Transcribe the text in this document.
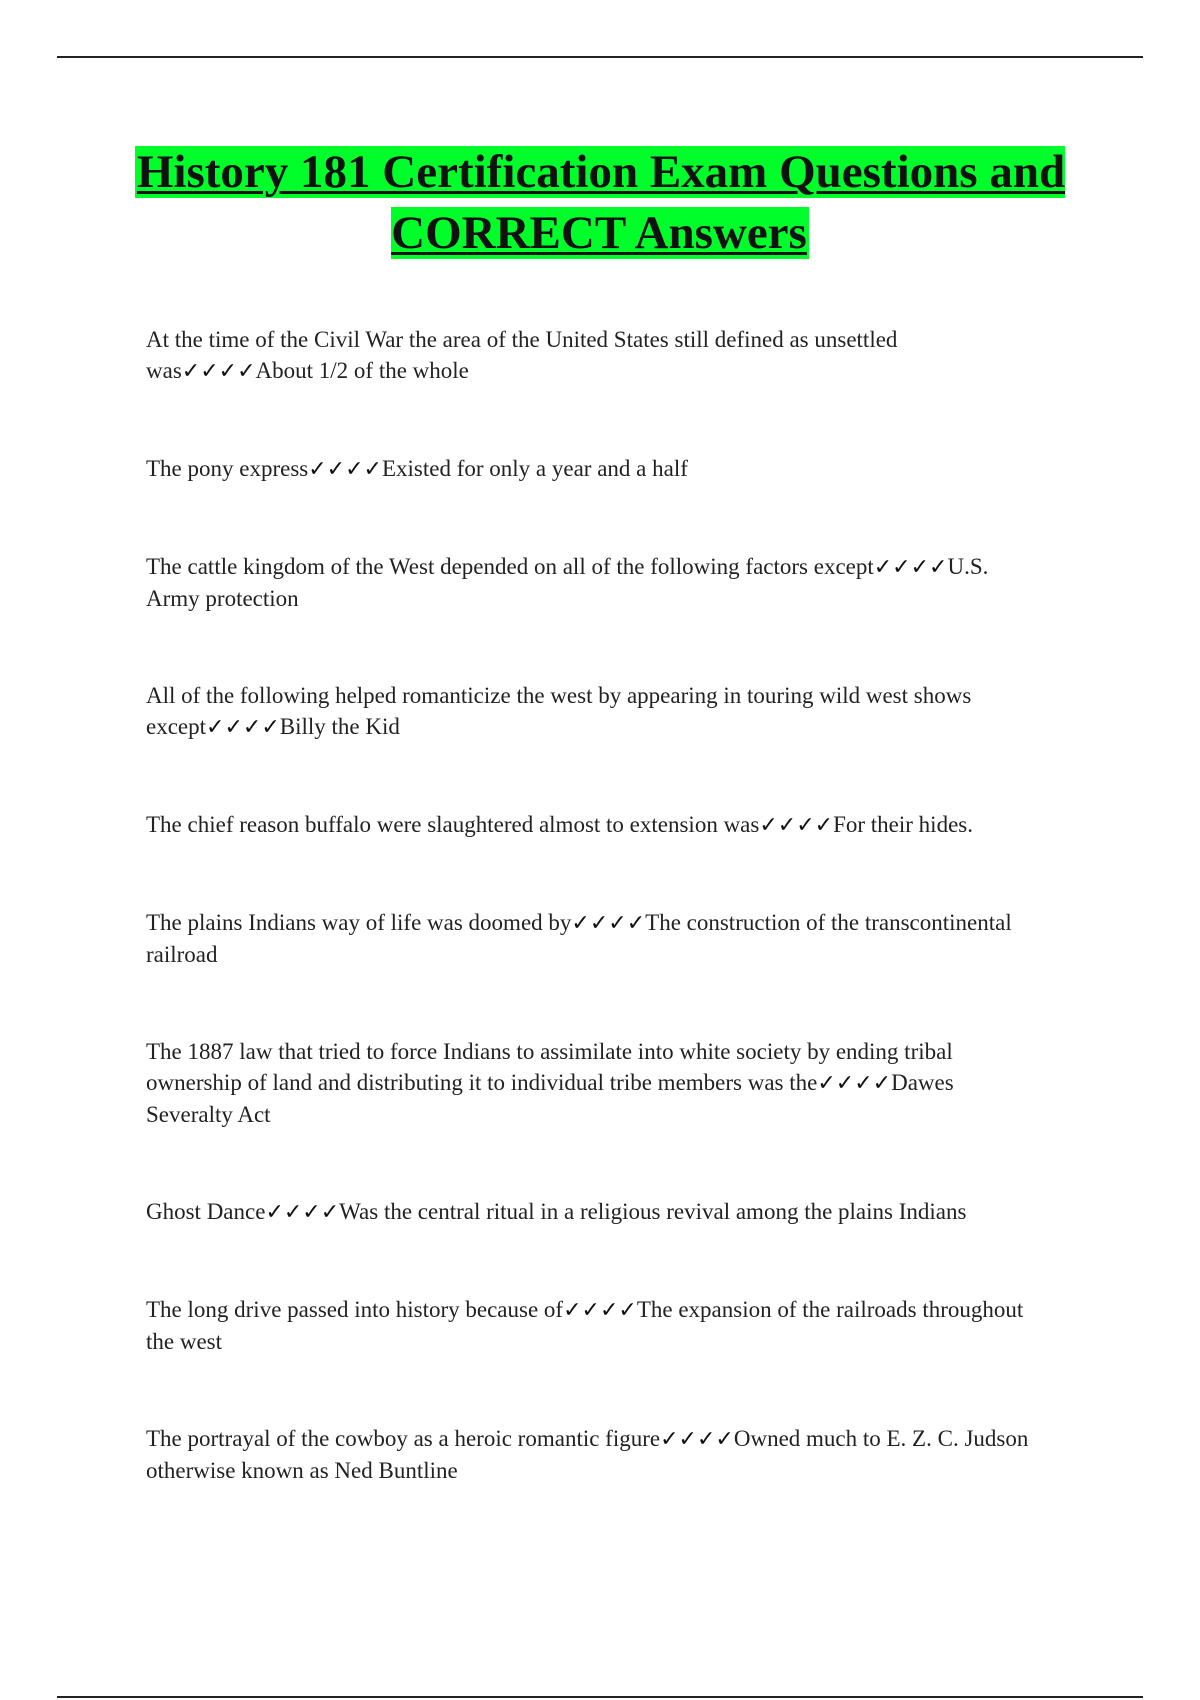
History 181 Certification Exam Questions and CORRECT Answers
At the time of the Civil War the area of the United States still defined as unsettled was✓✓✓✓About 1/2 of the whole
The pony express✓✓✓✓Existed for only a year and a half
The cattle kingdom of the West depended on all of the following factors except✓✓✓✓U.S. Army protection
All of the following helped romanticize the west by appearing in touring wild west shows except✓✓✓✓Billy the Kid
The chief reason buffalo were slaughtered almost to extension was✓✓✓✓For their hides.
The plains Indians way of life was doomed by✓✓✓✓The construction of the transcontinental railroad
The 1887 law that tried to force Indians to assimilate into white society by ending tribal ownership of land and distributing it to individual tribe members was the✓✓✓✓Dawes Severalty Act
Ghost Dance✓✓✓✓Was the central ritual in a religious revival among the plains Indians
The long drive passed into history because of✓✓✓✓The expansion of the railroads throughout the west
The portrayal of the cowboy as a heroic romantic figure✓✓✓✓Owned much to E. Z. C. Judson otherwise known as Ned Buntline
